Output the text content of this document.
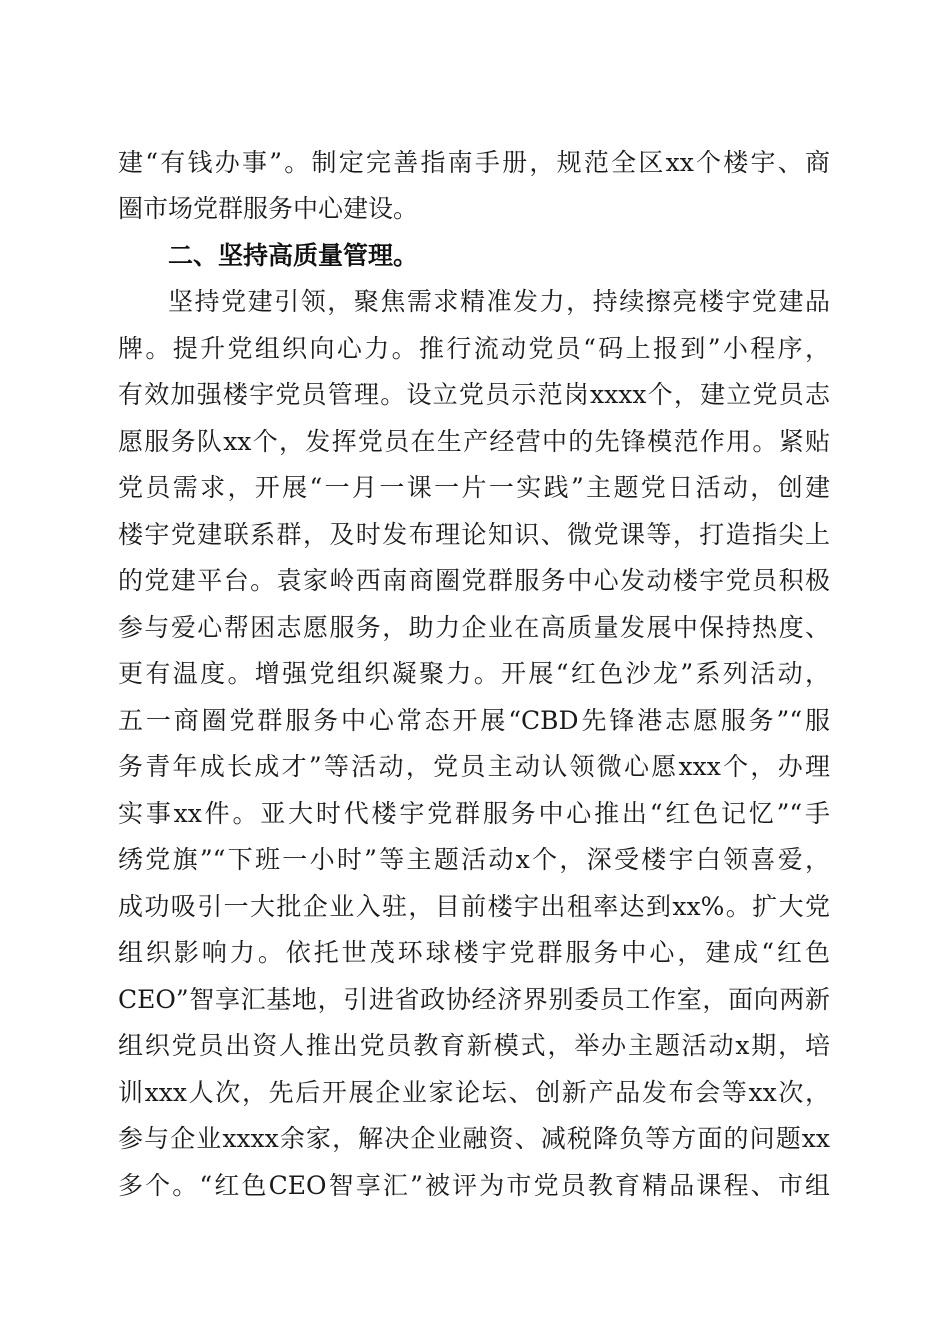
建“有钱办事”。制定完善指南手册，规范全区xx个楼宇、商
圈市场党群服务中心建设。
二、坚持高质量管理。
坚持党建引领，聚焦需求精准发力，持续擦亮楼宇党建品
牌。提升党组织向心力。推行流动党员“码上报到”小程序，
有效加强楼宇党员管理。设立党员示范岗xxxx个，建立党员志
愿服务队xx个，发挥党员在生产经营中的先锋模范作用。紧贴
党员需求，开展“一月一课一片一实践”主题党日活动，创建
楼宇党建联系群，及时发布理论知识、微党课等，打造指尖上
的党建平台。袁家岭西南商圈党群服务中心发动楼宇党员积极
参与爱心帮困志愿服务，助力企业在高质量发展中保持热度、
更有温度。增强党组织凝聚力。开展“红色沙龙”系列活动，
五一商圈党群服务中心常态开展“CBD先锋港志愿服务”“服
务青年成长成才”等活动，党员主动认领微心愿xxx个，办理
实事xx件。亚大时代楼宇党群服务中心推出“红色记忆”“手
绣党旗”“下班一小时”等主题活动x个，深受楼宇白领喜爱，
成功吸引一大批企业入驻，目前楼宇出租率达到xx%。扩大党
组织影响力。依托世茂环球楼宇党群服务中心，建成“红色
CEO”智享汇基地，引进省政协经济界别委员工作室，面向两新
组织党员出资人推出党员教育新模式，举办主题活动x期，培
训xxx人次，先后开展企业家论坛、创新产品发布会等xx次，
参与企业xxxx余家，解决企业融资、减税降负等方面的问题xx
多个。“红色CEO智享汇”被评为市党员教育精品课程、市组
